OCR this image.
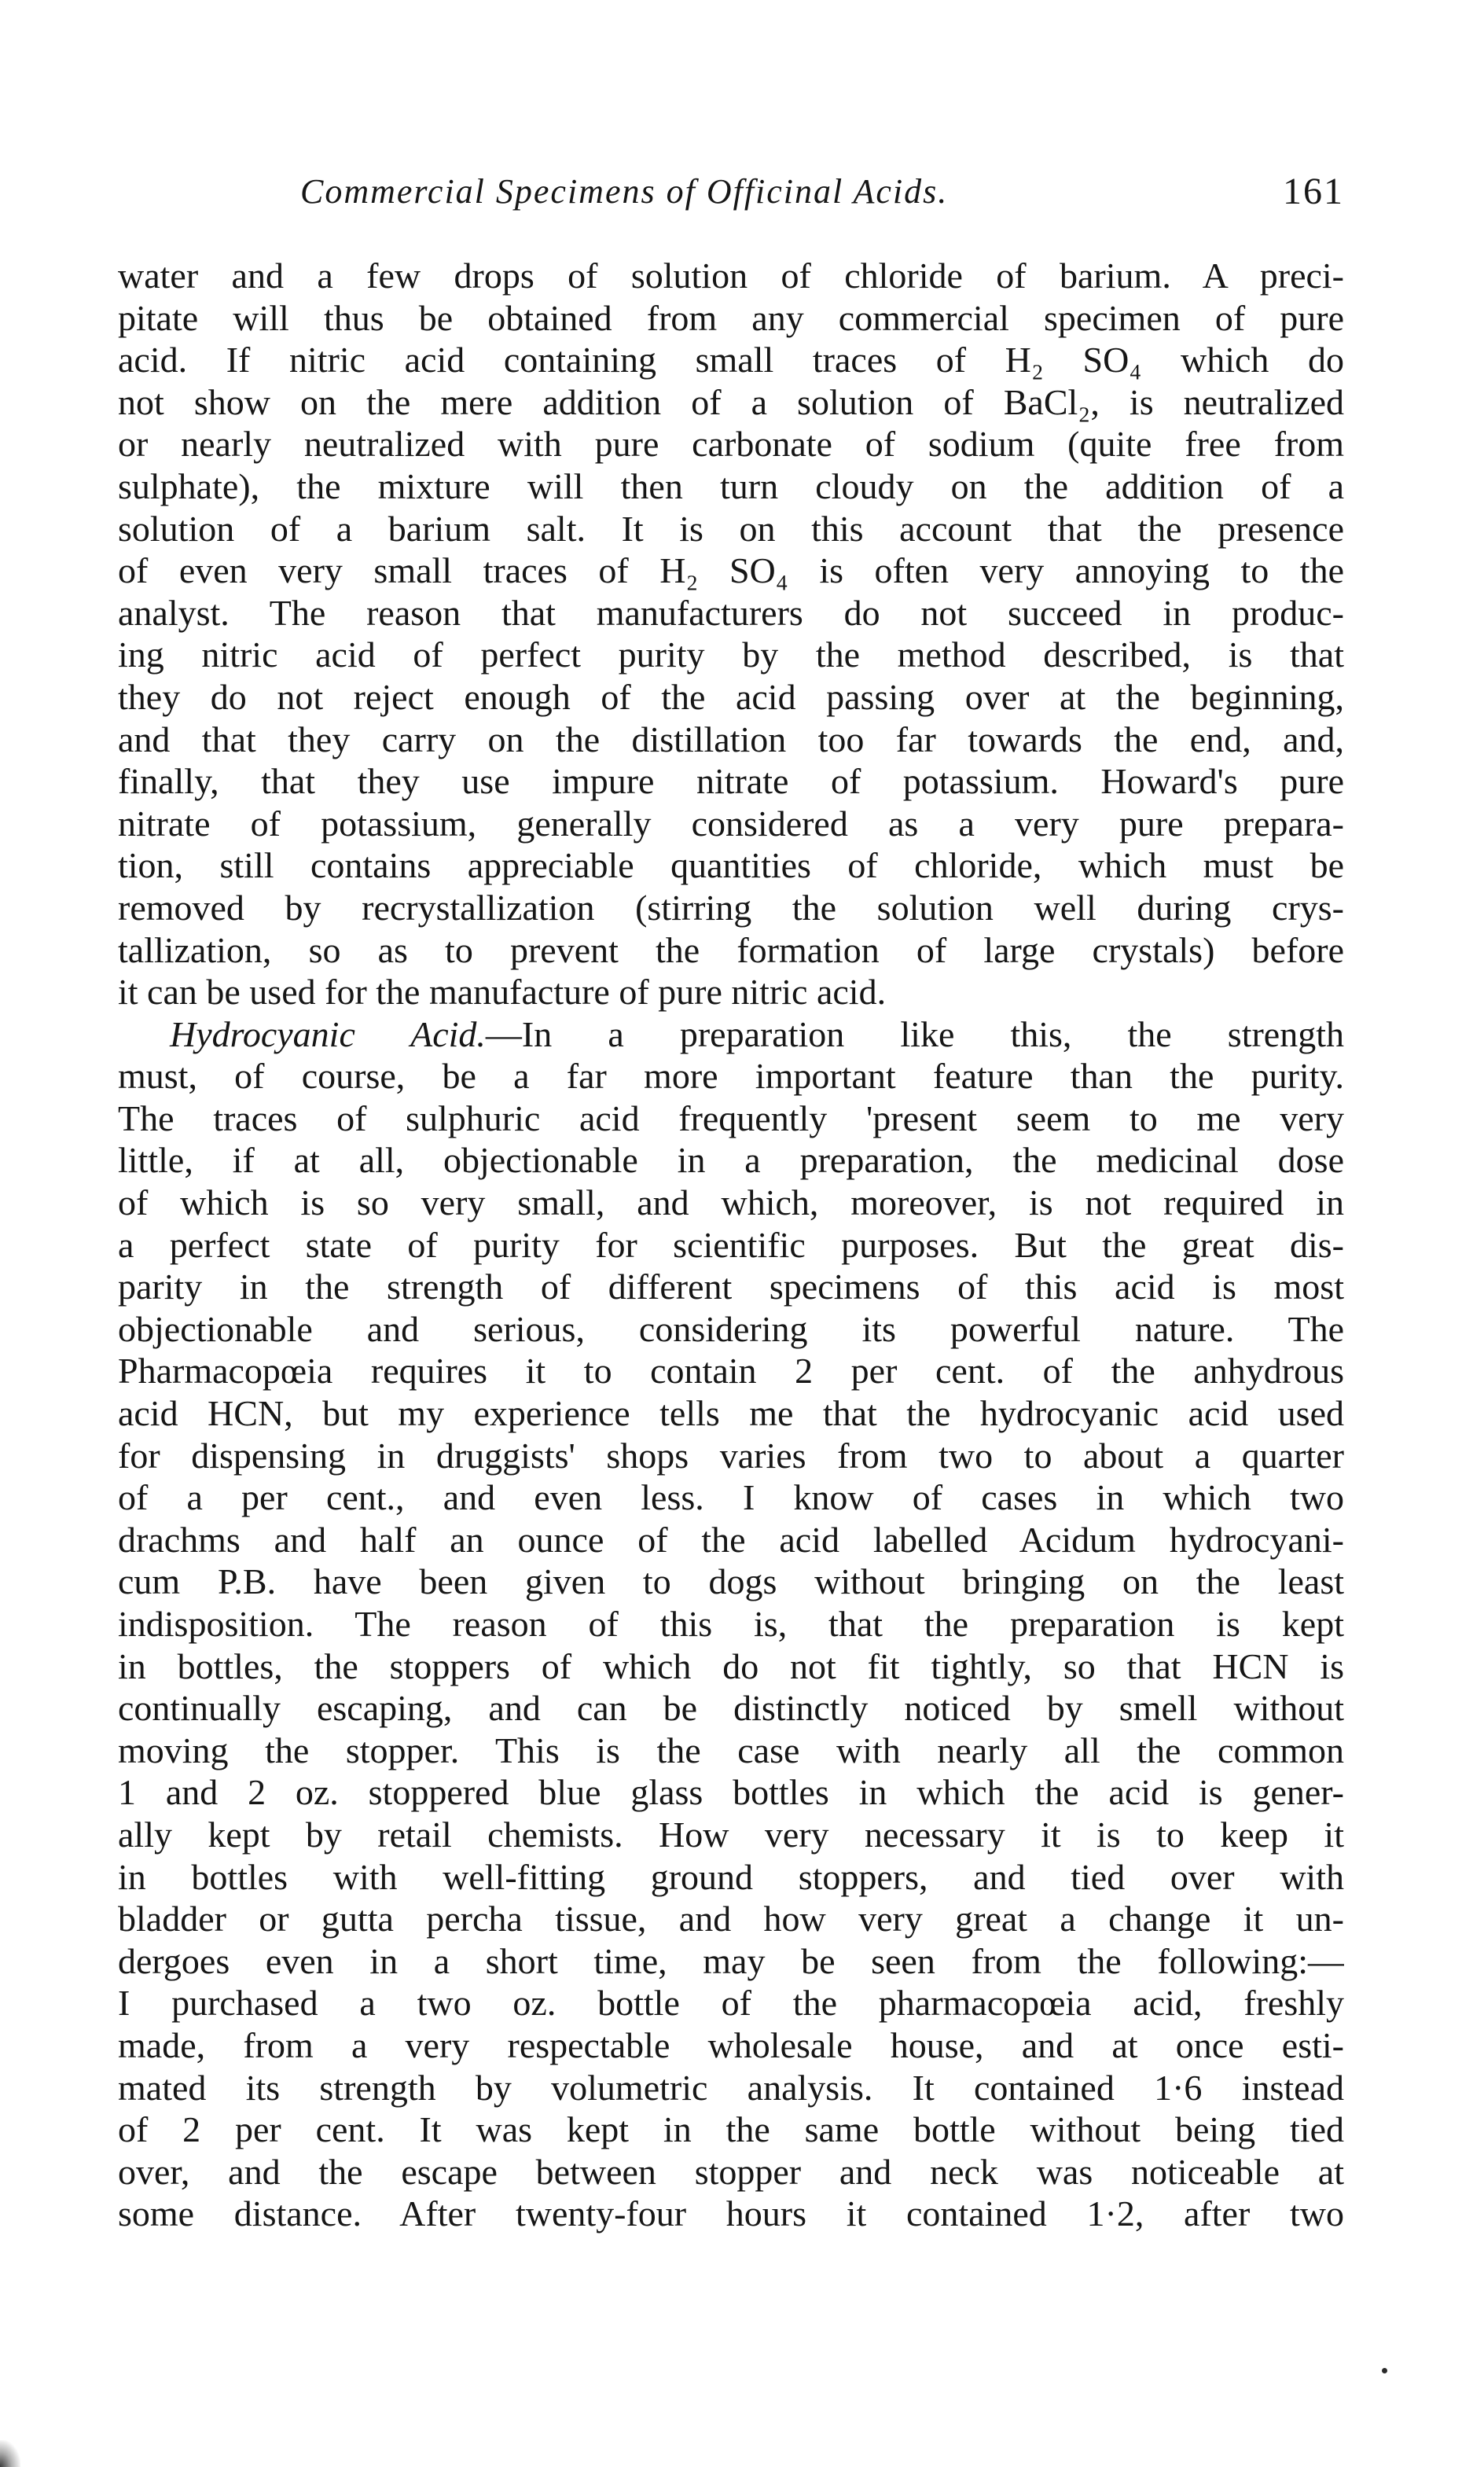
Commercial Specimens of Officinal Acids.	161
water and a few drops of solution of chloride of barium. A preci-
pitate will thus be obtained from any commercial specimen of pure
acid. If nitric acid containing small traces of H₂ SO₄ which do
not show on the mere addition of a solution of BaCl₂, is neutralized
or nearly neutralized with pure carbonate of sodium (quite free from
sulphate), the mixture will then turn cloudy on the addition of a
solution of a barium salt. It is on this account that the presence
of even very small traces of H₂ SO₄ is often very annoying to the
analyst. The reason that manufacturers do not succeed in produc-
ing nitric acid of perfect purity by the method described, is that
they do not reject enough of the acid passing over at the beginning,
and that they carry on the distillation too far towards the end, and,
finally, that they use impure nitrate of potassium. Howard's pure
nitrate of potassium, generally considered as a very pure prepara-
tion, still contains appreciable quantities of chloride, which must be
removed by recrystallization (stirring the solution well during crys-
tallization, so as to prevent the formation of large crystals) before
it can be used for the manufacture of pure nitric acid.
Hydrocyanic Acid.—In a preparation like this, the strength
must, of course, be a far more important feature than the purity.
The traces of sulphuric acid frequently 'present seem to me very
little, if at all, objectionable in a preparation, the medicinal dose
of which is so very small, and which, moreover, is not required in
a perfect state of purity for scientific purposes. But the great dis-
parity in the strength of different specimens of this acid is most
objectionable and serious, considering its powerful nature. The
Pharmacopœia requires it to contain 2 per cent. of the anhydrous
acid HCN, but my experience tells me that the hydrocyanic acid used
for dispensing in druggists' shops varies from two to about a quarter
of a per cent., and even less. I know of cases in which two
drachms and half an ounce of the acid labelled Acidum hydrocyani-
cum P.B. have been given to dogs without bringing on the least
indisposition. The reason of this is, that the preparation is kept
in bottles, the stoppers of which do not fit tightly, so that HCN is
continually escaping, and can be distinctly noticed by smell without
moving the stopper. This is the case with nearly all the common
1 and 2 oz. stoppered blue glass bottles in which the acid is gener-
ally kept by retail chemists. How very necessary it is to keep it
in bottles with well-fitting ground stoppers, and tied over with
bladder or gutta percha tissue, and how very great a change it un-
dergoes even in a short time, may be seen from the following:—
I purchased a two oz. bottle of the pharmacopœia acid, freshly
made, from a very respectable wholesale house, and at once esti-
mated its strength by volumetric analysis. It contained 1·6 instead
of 2 per cent. It was kept in the same bottle without being tied
over, and the escape between stopper and neck was noticeable at
some distance. After twenty-four hours it contained 1·2, after two
